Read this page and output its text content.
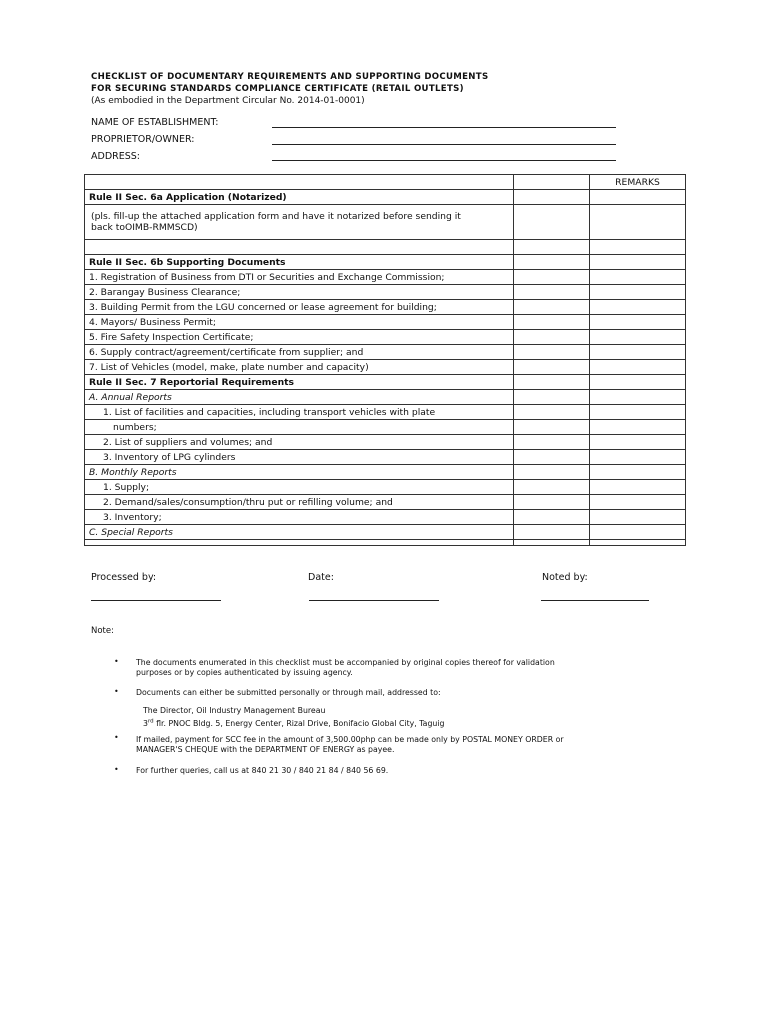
CHECKLIST OF DOCUMENTARY REQUIREMENTS AND SUPPORTING DOCUMENTS
FOR SECURING STANDARDS COMPLIANCE CERTIFICATE (RETAIL OUTLETS)
(As embodied in the Department Circular No. 2014-01-0001)
NAME OF ESTABLISHMENT:
PROPRIETOR/OWNER:
ADDRESS:
		REMARKS
Rule II Sec. 6a Application (Notarized)		
(pls. fill-up the attached application form and have it notarized before sending it
back toOIMB-RMMSCD)		

Rule II Sec. 6b Supporting Documents		
1. Registration of Business from DTI or Securities and Exchange Commission;		
2. Barangay Business Clearance;		
3. Building Permit from the LGU concerned or lease agreement for building;		
4. Mayors/ Business Permit;		
5. Fire Safety Inspection Certificate;		
6. Supply contract/agreement/certificate from supplier; and		
7. List of Vehicles (model, make, plate number and capacity)		
Rule II Sec. 7 Reportorial Requirements		
A. Annual Reports		
1. List of facilities and capacities, including transport vehicles with plate		
numbers;		
2. List of suppliers and volumes; and		
3. Inventory of LPG cylinders		
B. Monthly Reports		
1. Supply;		
2. Demand/sales/consumption/thru put or refilling volume; and		
3. Inventory;		
C. Special Reports		

Processed by:	Date:	Noted by:
Note:
• The documents enumerated in this checklist must be accompanied by original copies thereof for validation
purposes or by copies authenticated by issuing agency.
• Documents can either be submitted personally or through mail, addressed to:
The Director, Oil Industry Management Bureau
3rd flr. PNOC Bldg. 5, Energy Center, Rizal Drive, Bonifacio Global City, Taguig
• If mailed, payment for SCC fee in the amount of 3,500.00php can be made only by POSTAL MONEY ORDER or
MANAGER'S CHEQUE with the DEPARTMENT OF ENERGY as payee.
• For further queries, call us at 840 21 30 / 840 21 84 / 840 56 69.
